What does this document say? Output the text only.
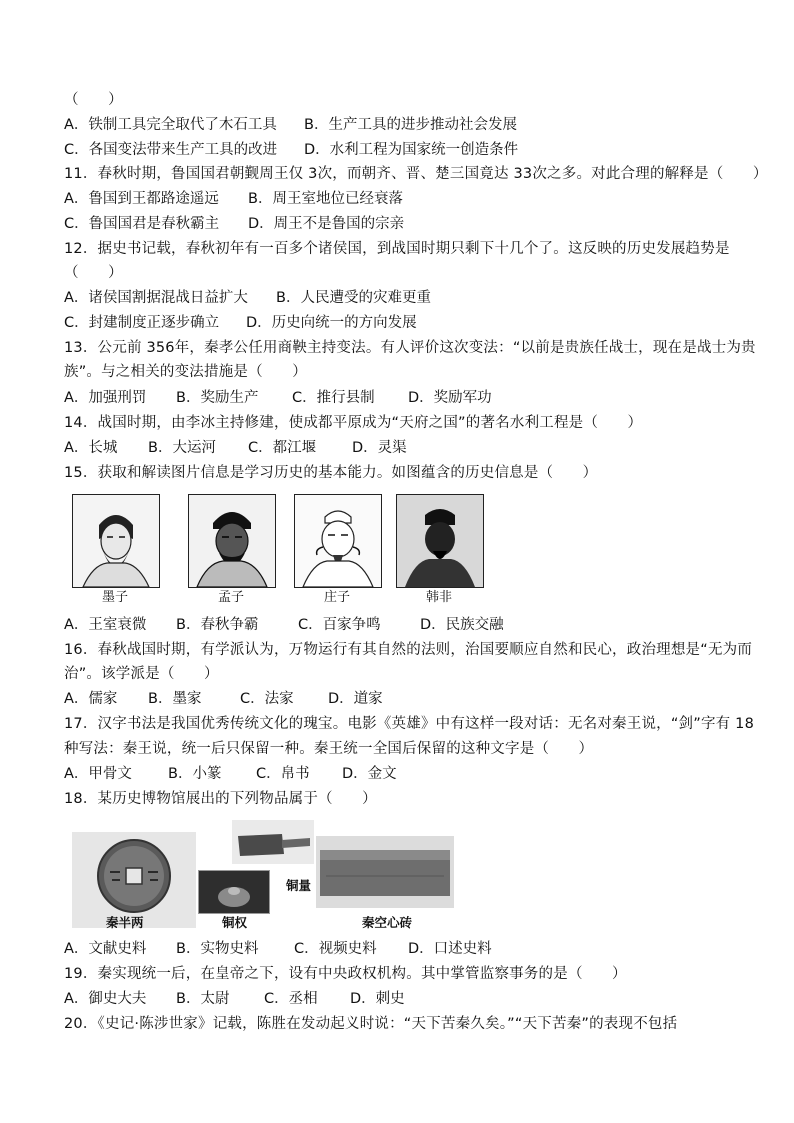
（　　）
A．铁制工具完全取代了木石工具 B．生产工具的进步推动社会发展
C．各国变法带来生产工具的改进 D．水利工程为国家统一创造条件
11．春秋时期，鲁国国君朝觐周王仅 3次，而朝齐、晋、楚三国竟达 33次之多。对此合理的解释是（　　）
A．鲁国到王都路途遥远 B．周王室地位已经衰落
C．鲁国国君是春秋霸主 D．周王不是鲁国的宗亲
12．据史书记载，春秋初年有一百多个诸侯国，到战国时期只剩下十几个了。这反映的历史发展趋势是
（　　）
A．诸侯国割据混战日益扩大 B．人民遭受的灾难更重
C．封建制度正逐步确立 D．历史向统一的方向发展
13．公元前 356年，秦孝公任用商鞅主持变法。有人评价这次变法：“以前是贵族任战士，现在是战士为贵
族”。与之相关的变法措施是（　　）
A．加强刑罚 B．奖励生产 C．推行县制 D．奖励军功
14．战国时期，由李冰主持修建，使成都平原成为“天府之国”的著名水利工程是（　　）
A．长城 B．大运河 C．都江堰 D．灵渠
15．获取和解读图片信息是学习历史的基本能力。如图蕴含的历史信息是（　　）
墨子	孟子	庄子	韩非
A．王室衰微 B．春秋争霸	C．百家争鸣	D．民族交融
16．春秋战国时期，有学派认为，万物运行有其自然的法则，治国要顺应自然和民心，政治理想是“无为而
治”。该学派是（　　）
A．儒家 B．墨家	C．法家 D．道家
17．汉字书法是我国优秀传统文化的瑰宝。电影《英雄》中有这样一段对话：无名对秦王说，“剑”字有 18
种写法：秦王说，统一后只保留一种。秦王统一全国后保留的这种文字是（　　）
A．甲骨文 B．小篆 C．帛书 D．金文
18．某历史博物馆展出的下列物品属于（　　）
秦半两	铜权
铜量
秦空心砖
A．文献史料 B．实物史料 C．视频史料 D．口述史料
19．秦实现统一后，在皇帝之下，设有中央政权机构。其中掌管监察事务的是（　　）
A．御史大夫 B．太尉 C．丞相 D．刺史
20．《史记·陈涉世家》记载，陈胜在发动起义时说：“天下苦秦久矣。”“天下苦秦”的表现不包括
